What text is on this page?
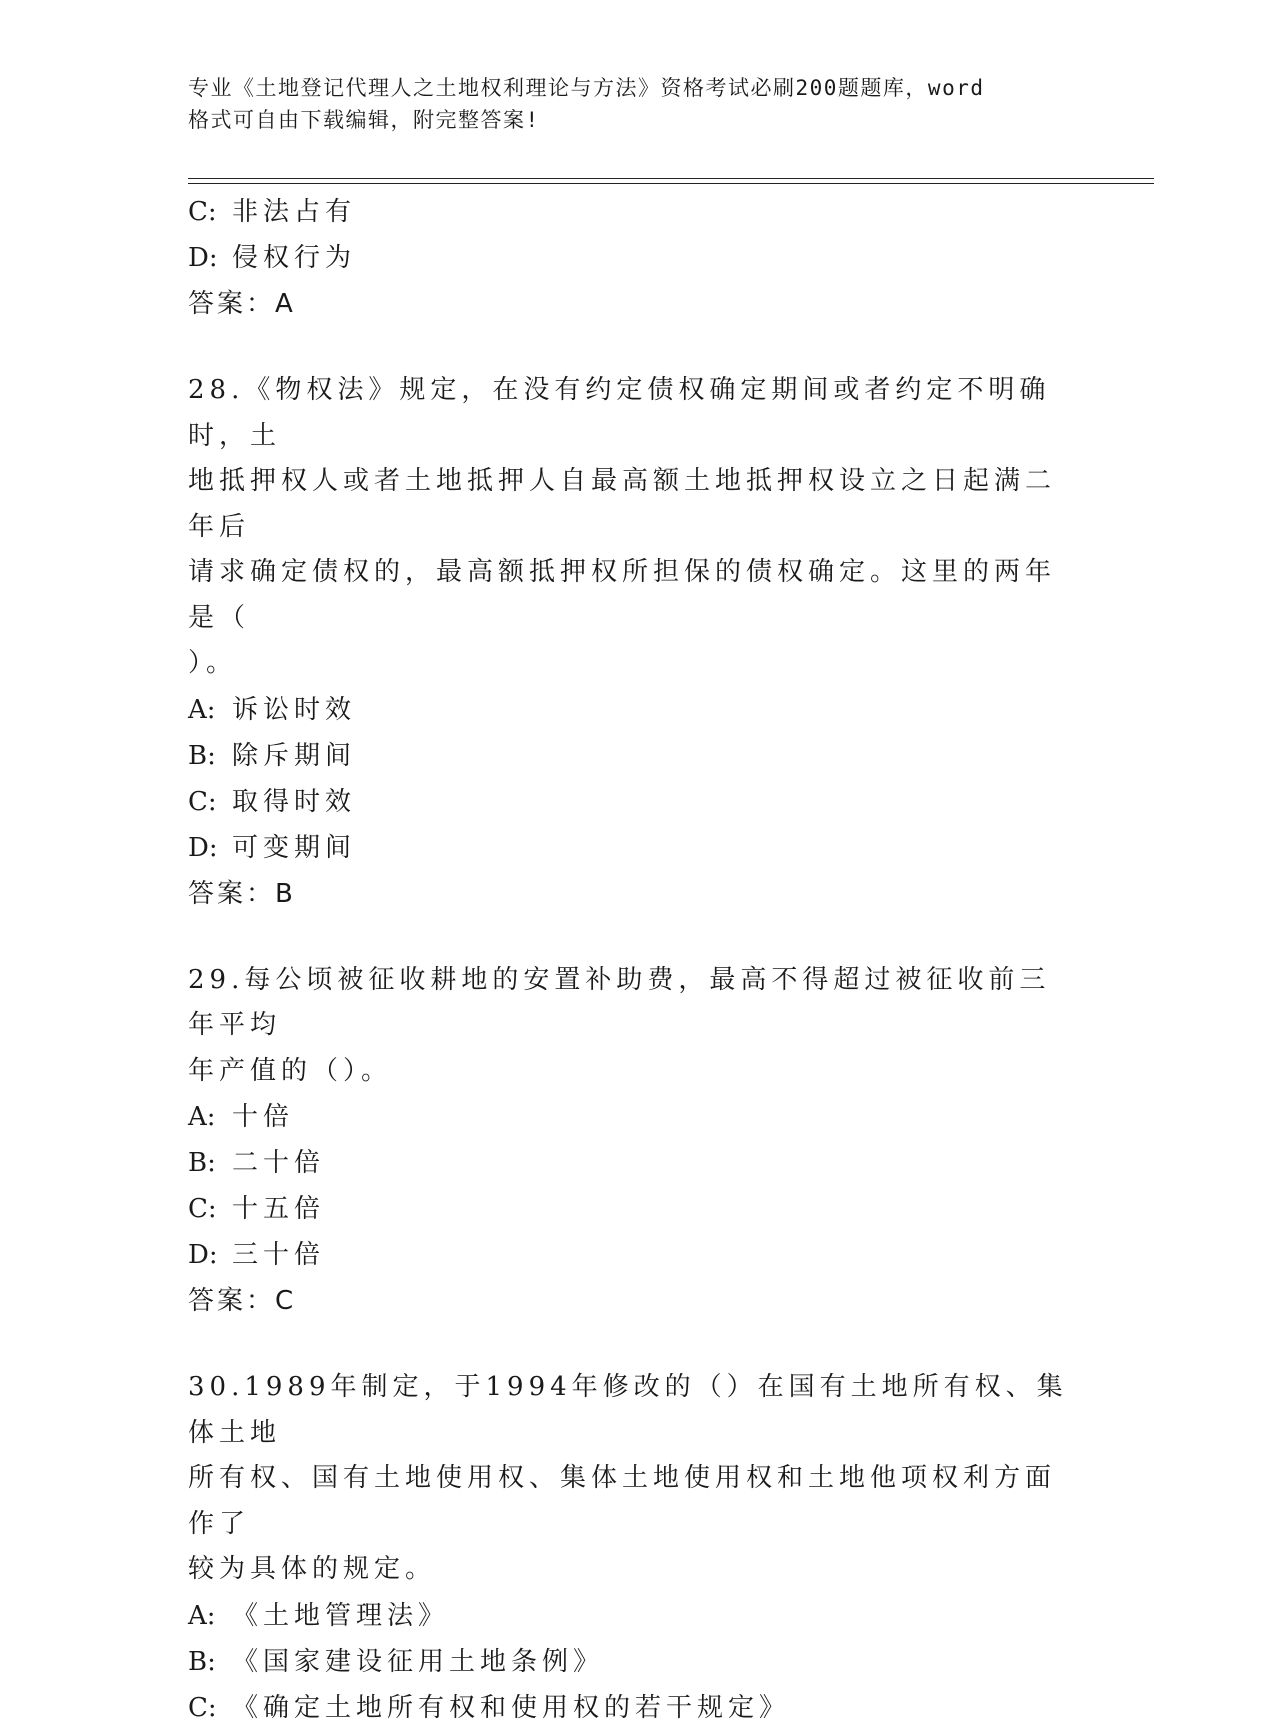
专业《土地登记代理人之土地权利理论与方法》资格考试必刷200题题库，word
格式可自由下载编辑，附完整答案!
C: 非法占有
D: 侵权行为
答案：A
28.《物权法》规定，在没有约定债权确定期间或者约定不明确时，土
地抵押权人或者土地抵押人自最高额土地抵押权设立之日起满二年后
请求确定债权的，最高额抵押权所担保的债权确定。这里的两年是（
）。
A: 诉讼时效
B: 除斥期间
C: 取得时效
D: 可变期间
答案：B
29.每公顷被征收耕地的安置补助费，最高不得超过被征收前三年平均
年产值的（）。
A: 十倍
B: 二十倍
C: 十五倍
D: 三十倍
答案：C
30.1989年制定，于1994年修改的（）在国有土地所有权、集体土地
所有权、国有土地使用权、集体土地使用权和土地他项权利方面作了
较为具体的规定。
A: 《土地管理法》
B: 《国家建设征用土地条例》
C: 《确定土地所有权和使用权的若干规定》
